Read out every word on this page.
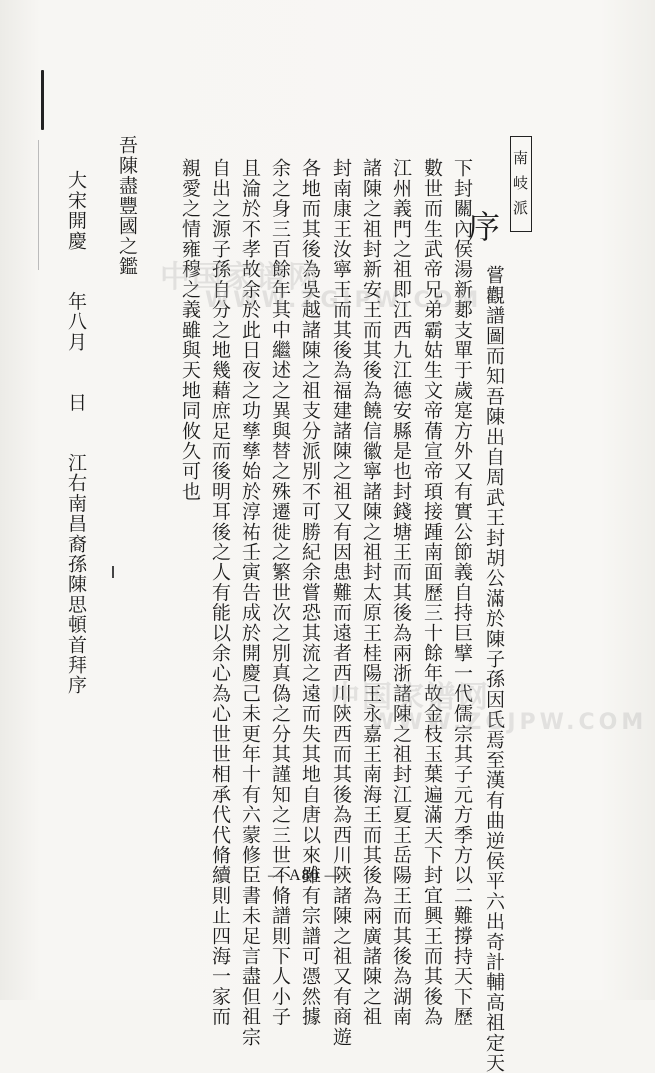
南岐派
序
嘗觀譜圖而知吾陳出自周武王封胡公滿於陳子孫因氏焉至漢有曲逆侯平六出奇計輔高祖定天
下封關內侯湯新郪支單于歲寔方外又有實公節義自持巨擘一代儒宗其子元方季方以二難撐持天下歷
數世而生武帝兄弟霸姑生文帝蒨宣帝頊接踵南面歷三十餘年故金枝玉葉遍滿天下封宜興王而其後為
江州義門之祖即江西九江德安縣是也封錢塘王而其後為兩浙諸陳之祖封江夏王岳陽王而其後為湖南
諸陳之祖封新安王而其後為饒信徽寧諸陳之祖封太原王桂陽王永嘉王南海王而其後為兩廣諸陳之祖
封南康王汝寧王而其後為福建諸陳之祖又有因患難而遠者西川陝西而其後為西川陝諸陳之祖又有商遊
各地而其後為吳越諸陳之祖支分派別不可勝紀余嘗恐其流之遠而失其地自唐以來雖有宗譜可憑然據
余之身三百餘年其中繼述之異與替之殊遷徙之繁世次之別真偽之分其謹知之三世不脩譜則下人小子
且淪於不孝故余於此日夜之功孳孳始於淳祐壬寅告成於開慶己未更年十有六蒙修臣書未足言盡但祖宗
自出之源子孫自分之地幾藉庶足而後明耳後之人有能以余心為心世世相承代代脩續則止四海一家而
親愛之情雍穆之義雖與天地同攸久可也
吾陳盡豐國之鑑
大宋開慶　　年八月　　日　　江右南昌裔孫陳思頓首拜序 中国家谱网
WWW.ZGJPW.COM
中国家谱网
WWW.ZGJPW.COM
— A80 —
